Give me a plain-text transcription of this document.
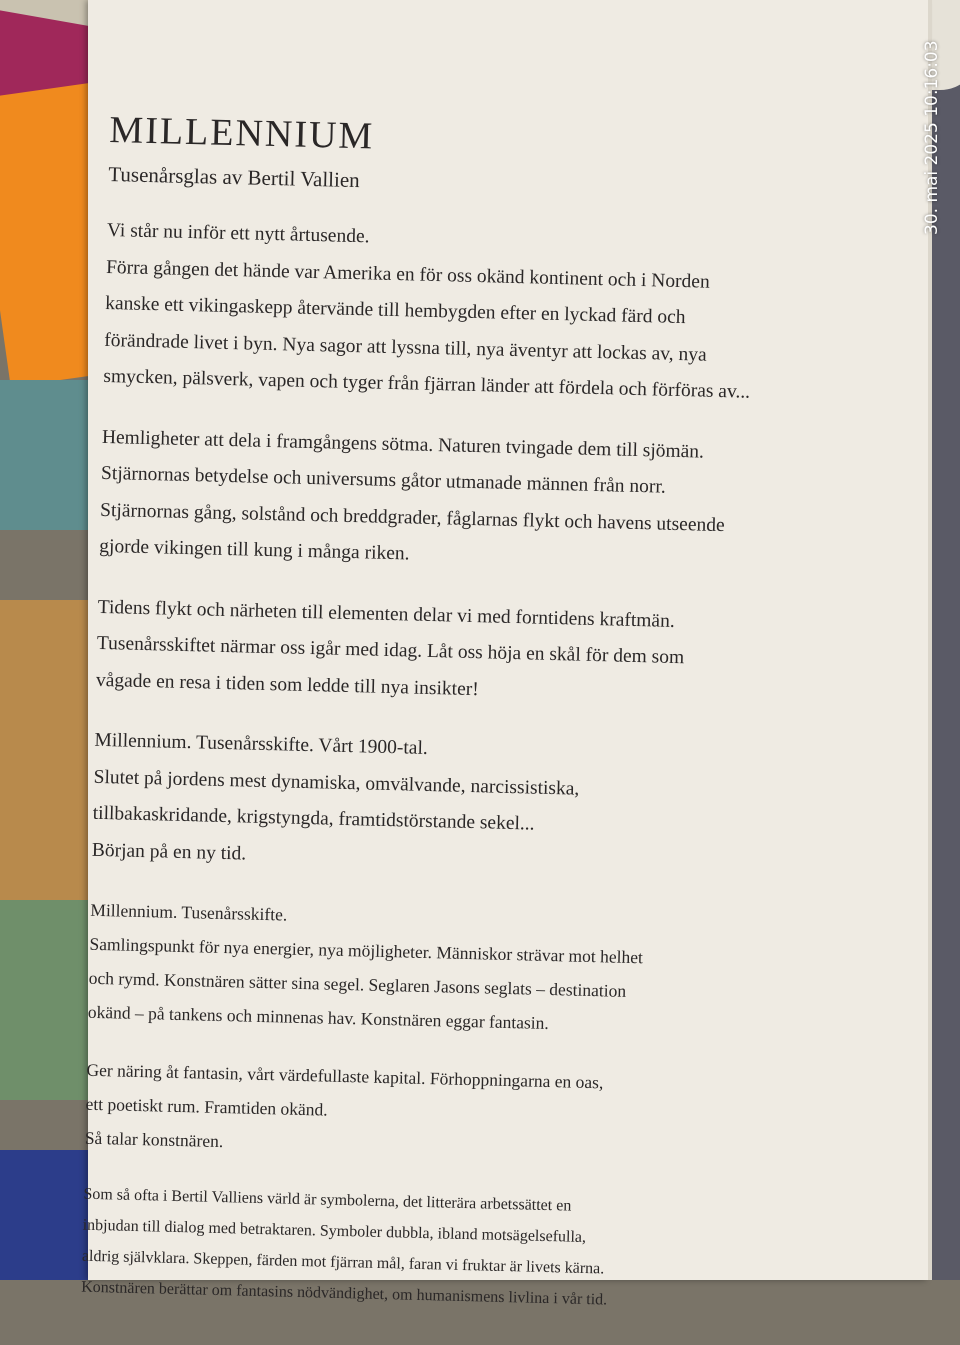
MILLENNIUM
Tusenårsglas av Bertil Vallien
Vi står nu inför ett nytt årtusende.
Förra gången det hände var Amerika en för oss okänd kontinent och i Norden
kanske ett vikingaskepp återvände till hembygden efter en lyckad färd och
förändrade livet i byn. Nya sagor att lyssna till, nya äventyr att lockas av, nya
smycken, pälsverk, vapen och tyger från fjärran länder att fördela och förföras av...
Hemligheter att dela i framgångens sötma. Naturen tvingade dem till sjömän.
Stjärnornas betydelse och universums gåtor utmanade männen från norr.
Stjärnornas gång, solstånd och breddgrader, fåglarnas flykt och havens utseende
gjorde vikingen till kung i många riken.
Tidens flykt och närheten till elementen delar vi med forntidens kraftmän.
Tusenårsskiftet närmar oss igår med idag. Låt oss höja en skål för dem som
vågade en resa i tiden som ledde till nya insikter!
Millennium. Tusenårsskifte. Vårt 1900-tal.
Slutet på jordens mest dynamiska, omvälvande, narcissistiska,
tillbakaskridande, krigstyngda, framtidstörstande sekel...
Början på en ny tid.
Millennium. Tusenårsskifte.
Samlingspunkt för nya energier, nya möjligheter. Människor strävar mot helhet
och rymd. Konstnären sätter sina segel. Seglaren Jasons seglats – destination
okänd – på tankens och minnenas hav. Konstnären eggar fantasin.
Ger näring åt fantasin, vårt värdefullaste kapital. Förhoppningarna en oas,
ett poetiskt rum. Framtiden okänd.
Så talar konstnären.
Som så ofta i Bertil Valliens värld är symbolerna, det litterära arbetssättet en
inbjudan till dialog med betraktaren. Symboler dubbla, ibland motsägelsefulla,
aldrig självklara. Skeppen, färden mot fjärran mål, faran vi fruktar är livets kärna.
Konstnären berättar om fantasins nödvändighet, om humanismens livlina i vår tid.
30. mai 2025 10:16:03
